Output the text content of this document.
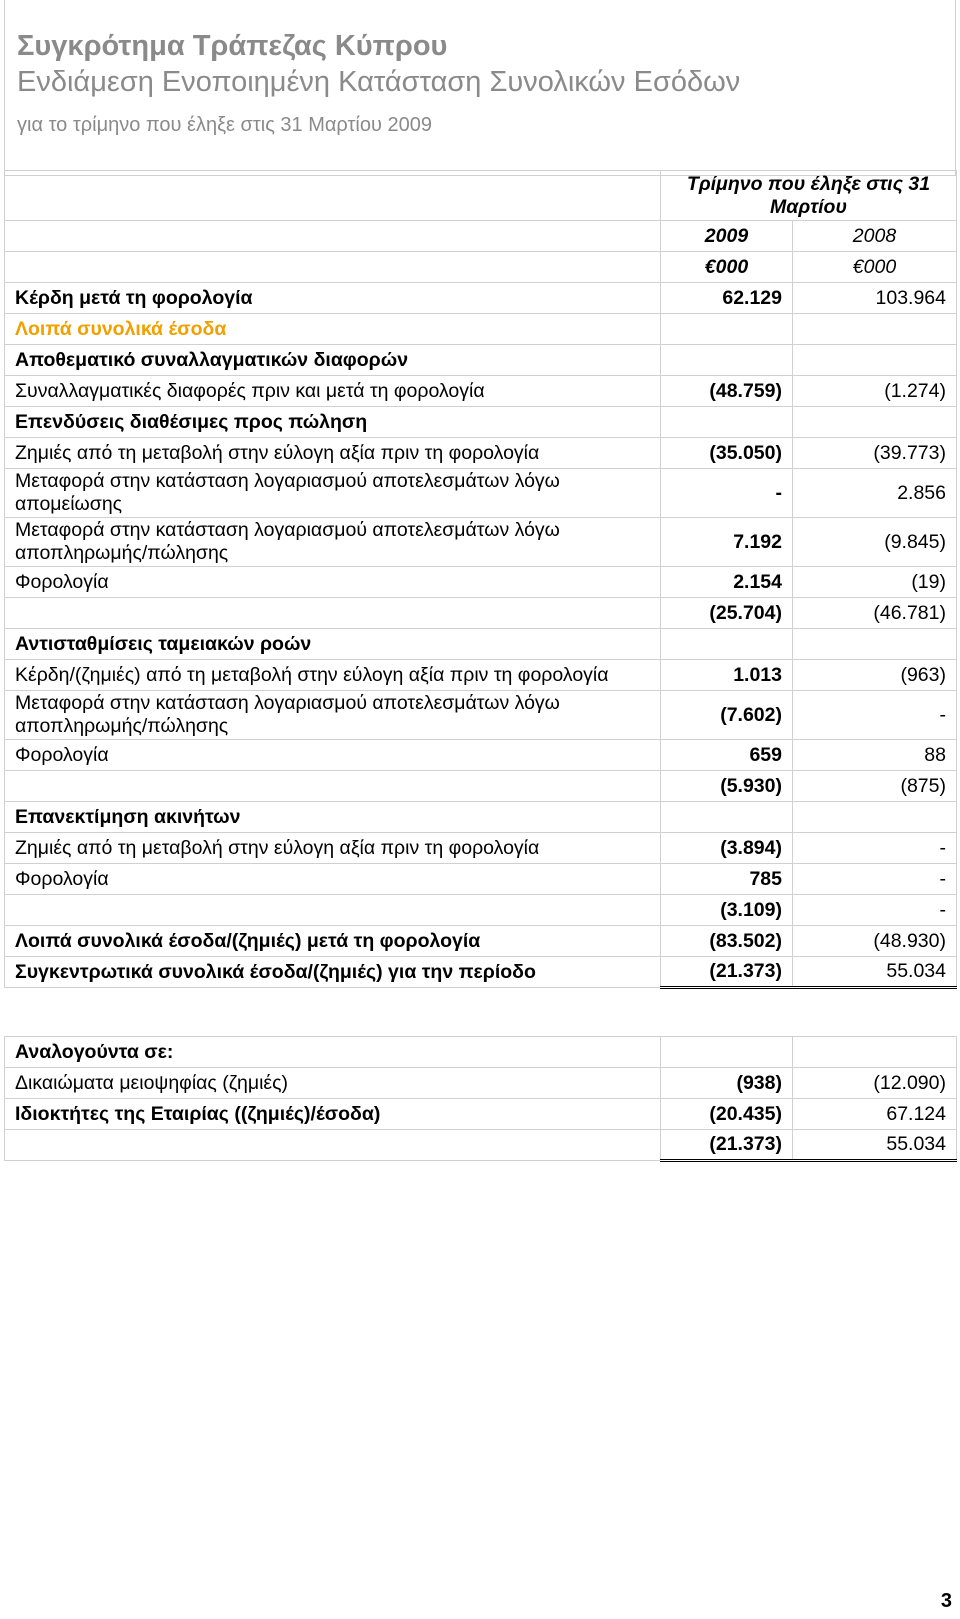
Συγκρότημα Τράπεζας Κύπρου
Ενδιάμεση Ενοποιημένη Κατάσταση Συνολικών Εσόδων
για το τρίμηνο που έληξε στις 31 Μαρτίου 2009
	Τρίμηνο που έληξε στις 31 Μαρτίου	
	2009	2008
	€000	€000
Κέρδη μετά τη φορολογία	62.129	103.964
Λοιπά συνολικά έσοδα		
Αποθεματικό συναλλαγματικών διαφορών		
Συναλλαγματικές διαφορές πριν και μετά τη φορολογία	(48.759)	(1.274)
Επενδύσεις διαθέσιμες προς πώληση		
Ζημιές από τη μεταβολή στην εύλογη αξία πριν τη φορολογία	(35.050)	(39.773)
Μεταφορά στην κατάσταση λογαριασμού αποτελεσμάτων λόγω απομείωσης	-	2.856
Μεταφορά στην κατάσταση λογαριασμού αποτελεσμάτων λόγω αποπληρωμής/πώλησης	7.192	(9.845)
Φορολογία	2.154	(19)
	(25.704)	(46.781)
Αντισταθμίσεις ταμειακών ροών		
Κέρδη/(ζημιές) από τη μεταβολή στην εύλογη αξία πριν τη φορολογία	1.013	(963)
Μεταφορά στην κατάσταση λογαριασμού αποτελεσμάτων λόγω αποπληρωμής/πώλησης	(7.602)	-
Φορολογία	659	88
	(5.930)	(875)
Επανεκτίμηση ακινήτων		
Ζημιές από τη μεταβολή στην εύλογη αξία πριν τη φορολογία	(3.894)	-
Φορολογία	785	-
	(3.109)	-
Λοιπά συνολικά έσοδα/(ζημιές) μετά τη φορολογία	(83.502)	(48.930)
Συγκεντρωτικά συνολικά έσοδα/(ζημιές) για την περίοδο	(21.373)	55.034
Αναλογούντα σε:		
Δικαιώματα μειοψηφίας (ζημιές)	(938)	(12.090)
Ιδιοκτήτες της Εταιρίας ((ζημιές)/έσοδα)	(20.435)	67.124
	(21.373)	55.034
3
